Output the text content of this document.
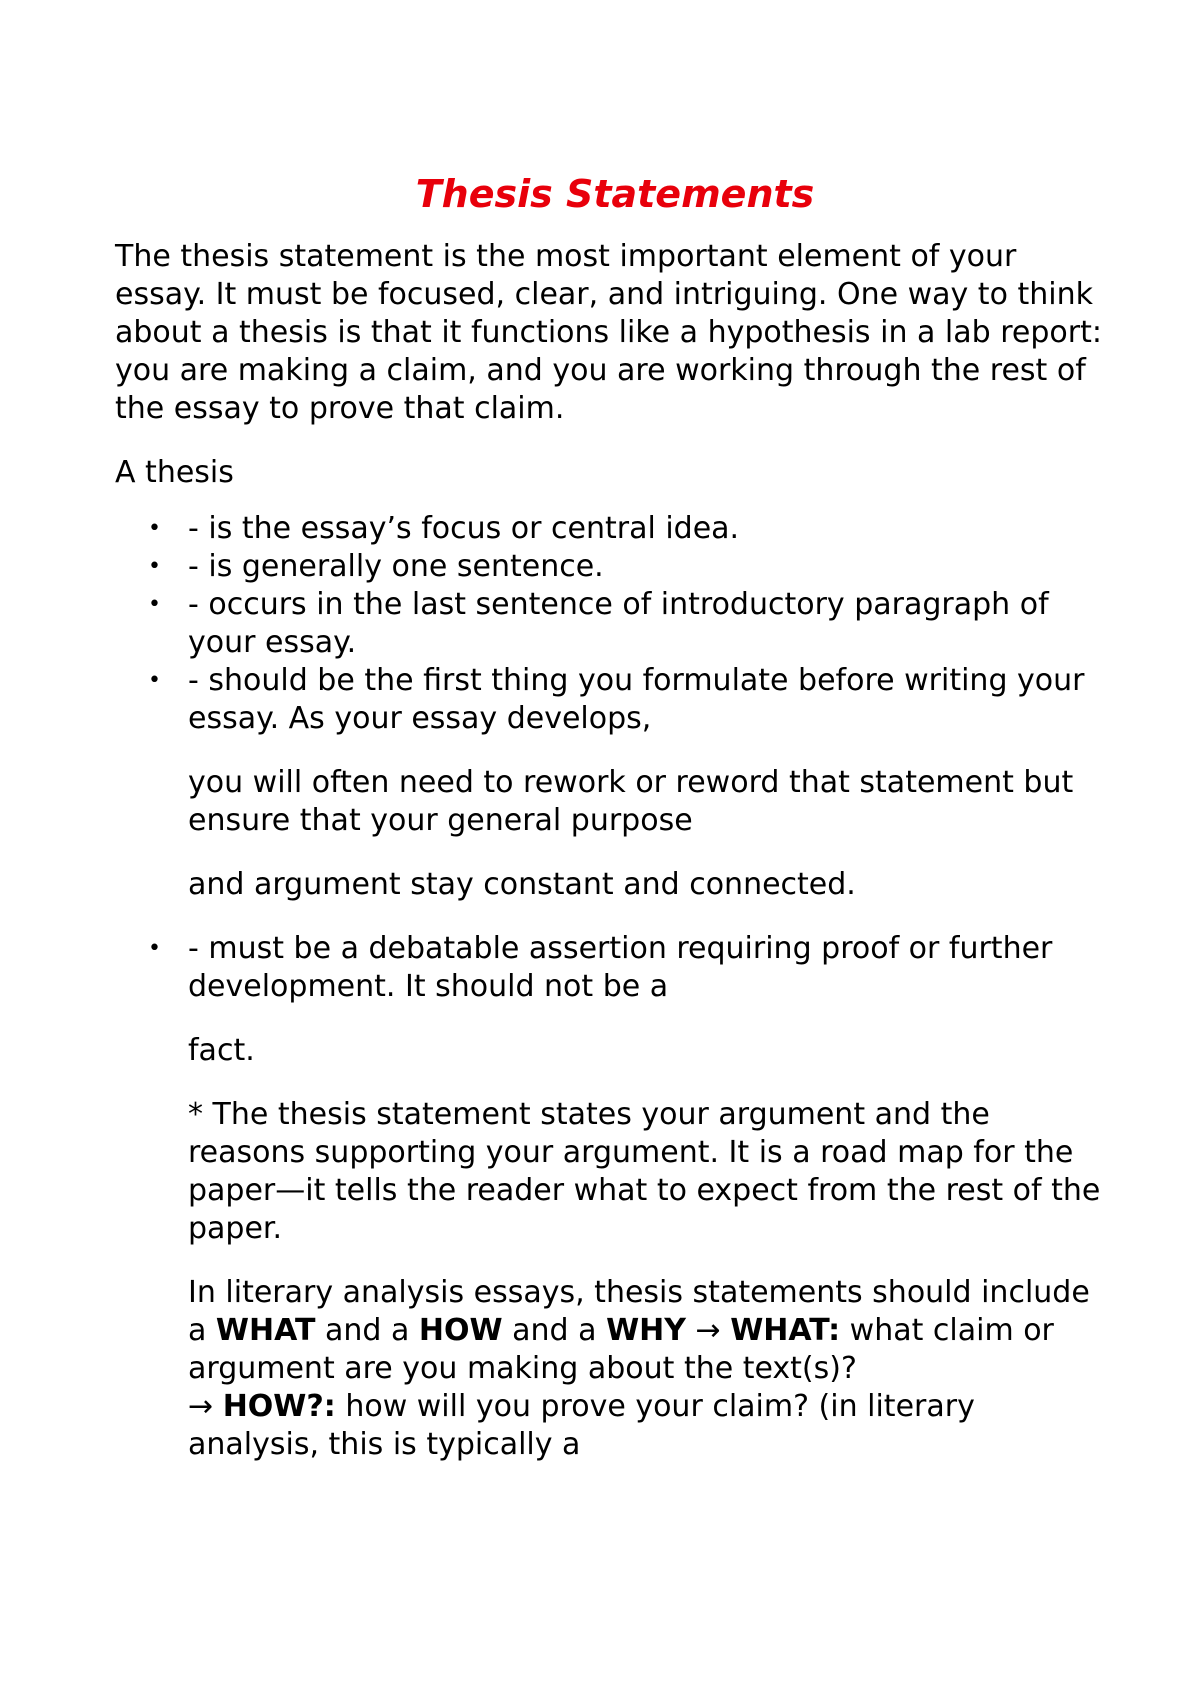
Thesis Statements

The thesis statement is the most important element of your essay. It must be focused, clear, and intriguing. One way to think about a thesis is that it functions like a hypothesis in a lab report: you are making a claim, and you are working through the rest of the essay to prove that claim.

A thesis

• - is the essay’s focus or central idea.
• - is generally one sentence.
• - occurs in the last sentence of introductory paragraph of your essay.
• - should be the first thing you formulate before writing your essay. As your essay develops,

you will often need to rework or reword that statement but ensure that your general purpose

and argument stay constant and connected.

• - must be a debatable assertion requiring proof or further development. It should not be a

fact.

* The thesis statement states your argument and the reasons supporting your argument. It is a road map for the paper—it tells the reader what to expect from the rest of the paper.

In literary analysis essays, thesis statements should include a WHAT and a HOW and a WHY → WHAT: what claim or argument are you making about the text(s)?
→ HOW?: how will you prove your claim? (in literary analysis, this is typically a
